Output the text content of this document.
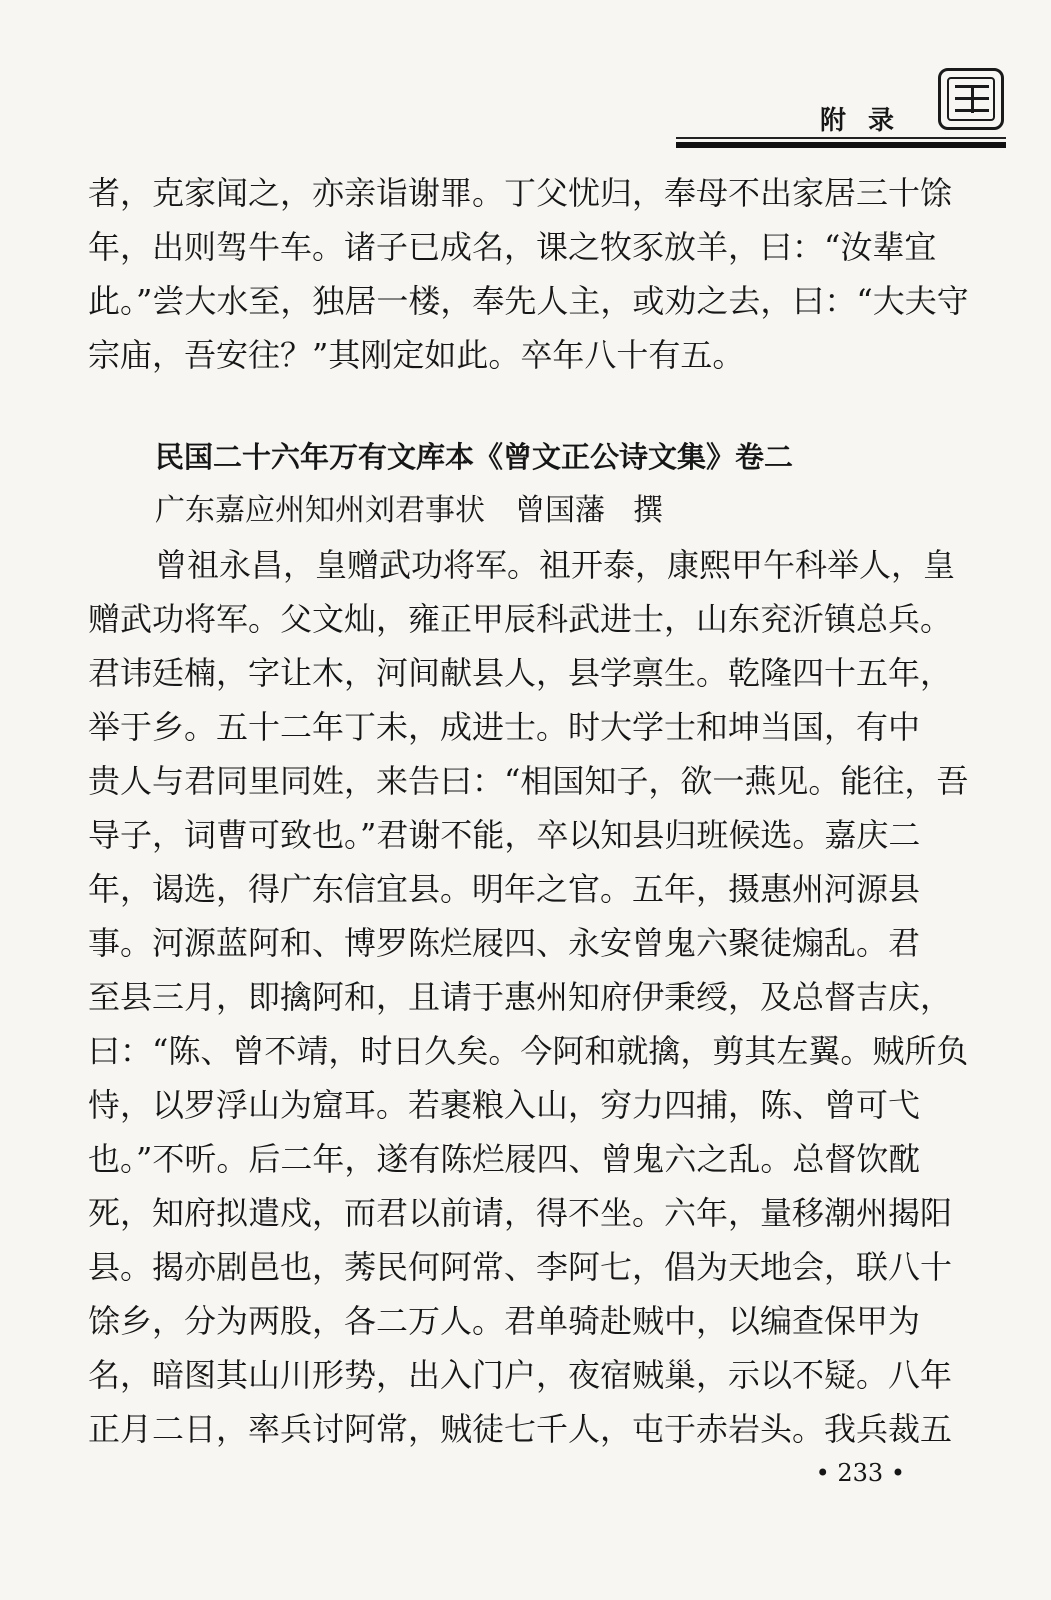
附录

者，克家闻之，亦亲诣谢罪。丁父忧归，奉母不出家居三十馀

年，出则驾牛车。诸子已成名，课之牧豕放羊，曰：“汝辈宜

此。”尝大水至，独居一楼，奉先人主，或劝之去，曰：“大夫守

宗庙，吾安往？”其刚定如此。卒年八十有五。

民国二十六年万有文库本《曾文正公诗文集》卷二

广东嘉应州知州刘君事状 曾国藩 撰

曾祖永昌，皇赠武功将军。祖开泰，康熙甲午科举人，皇

赠武功将军。父文灿，雍正甲辰科武进士，山东兖沂镇总兵。

君讳廷楠，字让木，河间献县人，县学禀生。乾隆四十五年，

举于乡。五十二年丁未，成进士。时大学士和坤当国，有中

贵人与君同里同姓，来告曰：“相国知子，欲一燕见。能往，吾

导子，词曹可致也。”君谢不能，卒以知县归班候选。嘉庆二

年，谒选，得广东信宜县。明年之官。五年，摄惠州河源县

事。河源蓝阿和、博罗陈烂屐四、永安曾鬼六聚徒煽乱。君

至县三月，即擒阿和，且请于惠州知府伊秉绶，及总督吉庆，

曰：“陈、曾不靖，时日久矣。今阿和就擒，剪其左翼。贼所负

恃，以罗浮山为窟耳。若裹粮入山，穷力四捕，陈、曾可弋

也。”不听。后二年，遂有陈烂屐四、曾鬼六之乱。总督饮酖

死，知府拟遣戍，而君以前请，得不坐。六年，量移潮州揭阳

县。揭亦剧邑也，莠民何阿常、李阿七，倡为天地会，联八十

馀乡，分为两股，各二万人。君单骑赴贼中，以编查保甲为

名，暗图其山川形势，出入门户，夜宿贼巢，示以不疑。八年

正月二日，率兵讨阿常，贼徒七千人，屯于赤岩头。我兵裁五

• 233 •
